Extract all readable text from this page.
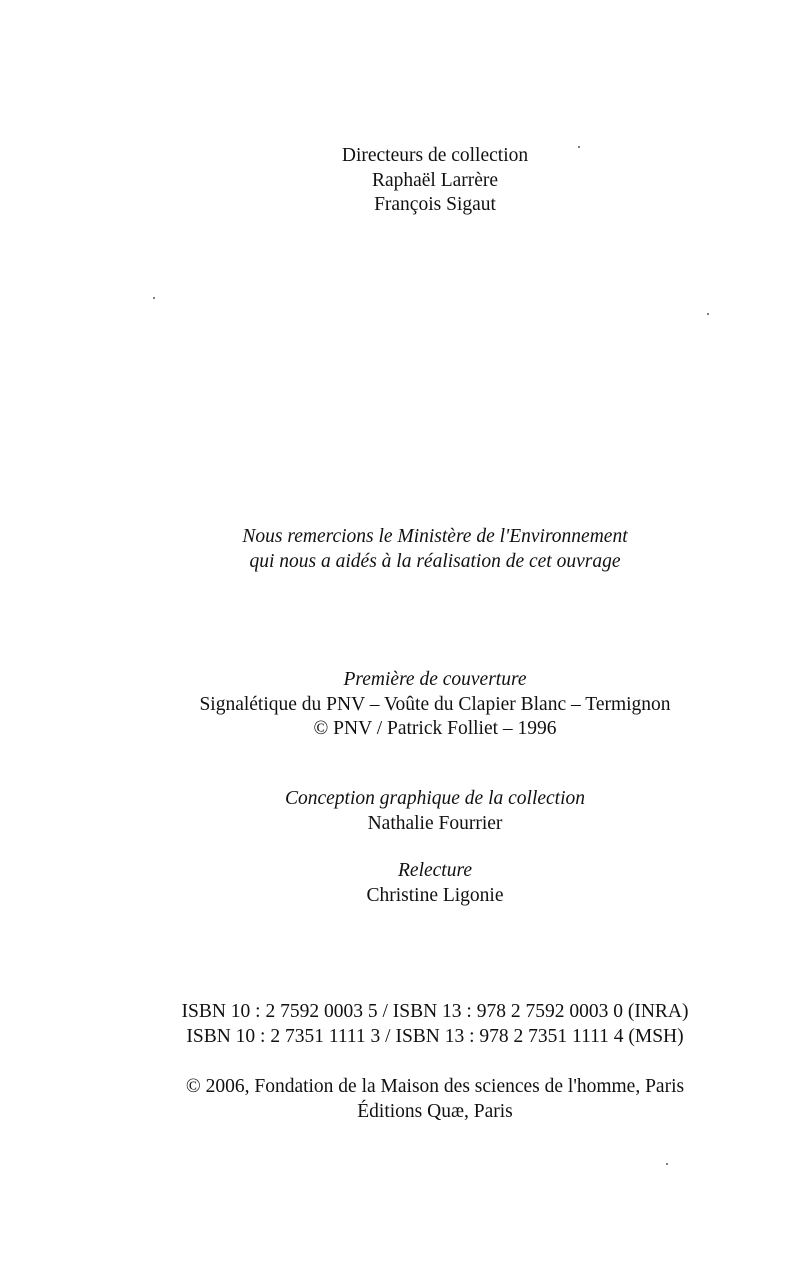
Directeurs de collection
Raphaël Larrère
François Sigaut
Nous remercions le Ministère de l'Environnement
qui nous a aidés à la réalisation de cet ouvrage
Première de couverture
Signalétique du PNV – Voûte du Clapier Blanc – Termignon
© PNV / Patrick Folliet – 1996
Conception graphique de la collection
Nathalie Fourrier
Relecture
Christine Ligonie
ISBN 10 : 2 7592 0003 5 / ISBN 13 : 978 2 7592 0003 0 (INRA)
ISBN 10 : 2 7351 1111 3 / ISBN 13 : 978 2 7351 1111 4 (MSH)
© 2006, Fondation de la Maison des sciences de l'homme, Paris
Éditions Quæ, Paris
